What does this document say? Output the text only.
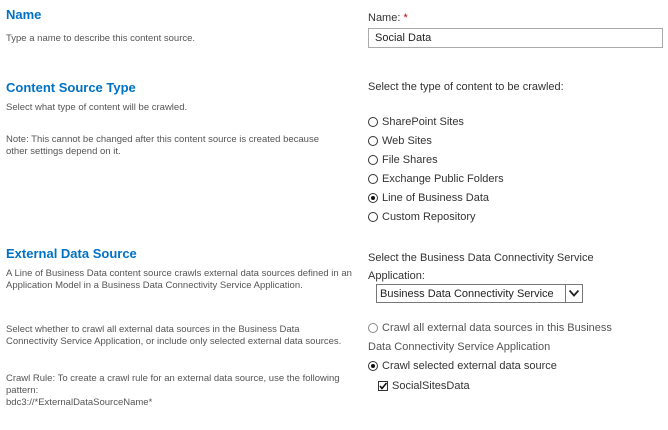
Name
Type a name to describe this content source.
Name: *
Social Data
Content Source Type
Select what type of content will be crawled.
Note: This cannot be changed after this content source is created because other settings depend on it.
Select the type of content to be crawled:
SharePoint Sites
Web Sites
File Shares
Exchange Public Folders
Line of Business Data
Custom Repository
External Data Source
A Line of Business Data content source crawls external data sources defined in an Application Model in a Business Data Connectivity Service Application.
Select whether to crawl all external data sources in the Business Data Connectivity Service Application, or include only selected external data sources.
Crawl Rule: To create a crawl rule for an external data source, use the following pattern:
bdc3://*ExternalDataSourceName*
Select the Business Data Connectivity Service
Application:
Business Data Connectivity Service
Crawl all external data sources in this Business
Data Connectivity Service Application
Crawl selected external data source
SocialSitesData
